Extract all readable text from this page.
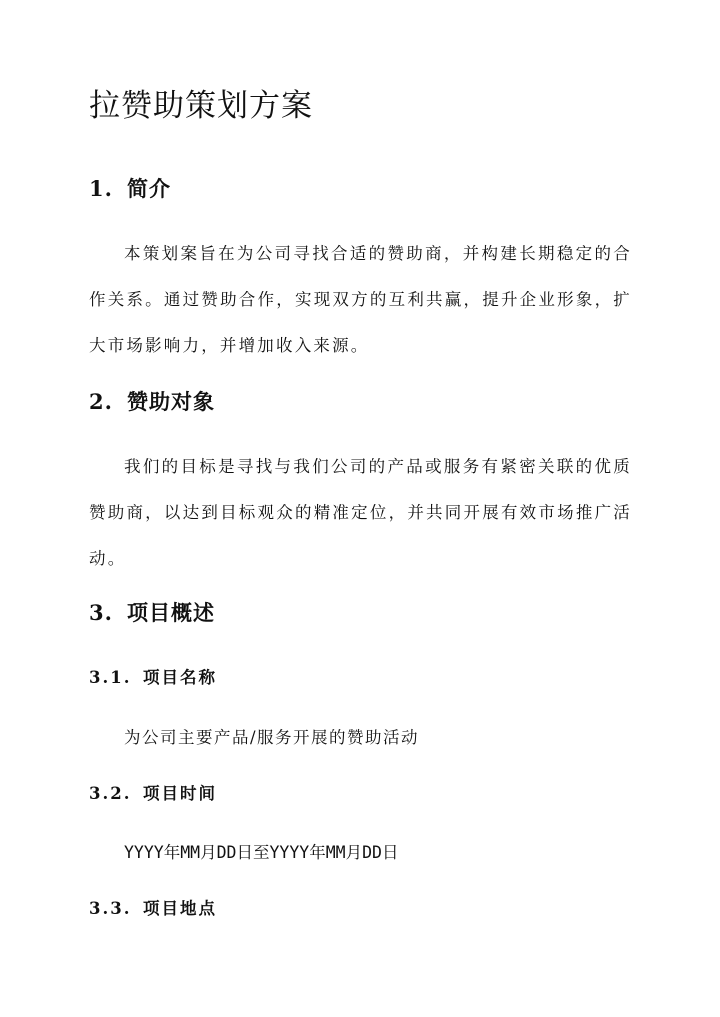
拉赞助策划方案
1. 简介

本策划案旨在为公司寻找合适的赞助商，并构建长期稳定的合作关系。通过赞助合作，实现双方的互利共赢，提升企业形象，扩大市场影响力，并增加收入来源。

2. 赞助对象

我们的目标是寻找与我们公司的产品或服务有紧密关联的优质赞助商，以达到目标观众的精准定位，并共同开展有效市场推广活动。

3. 项目概述
3.1. 项目名称

为公司主要产品/服务开展的赞助活动

3.2. 项目时间

YYYY年MM月DD日至YYYY年MM月DD日

3.3. 项目地点
